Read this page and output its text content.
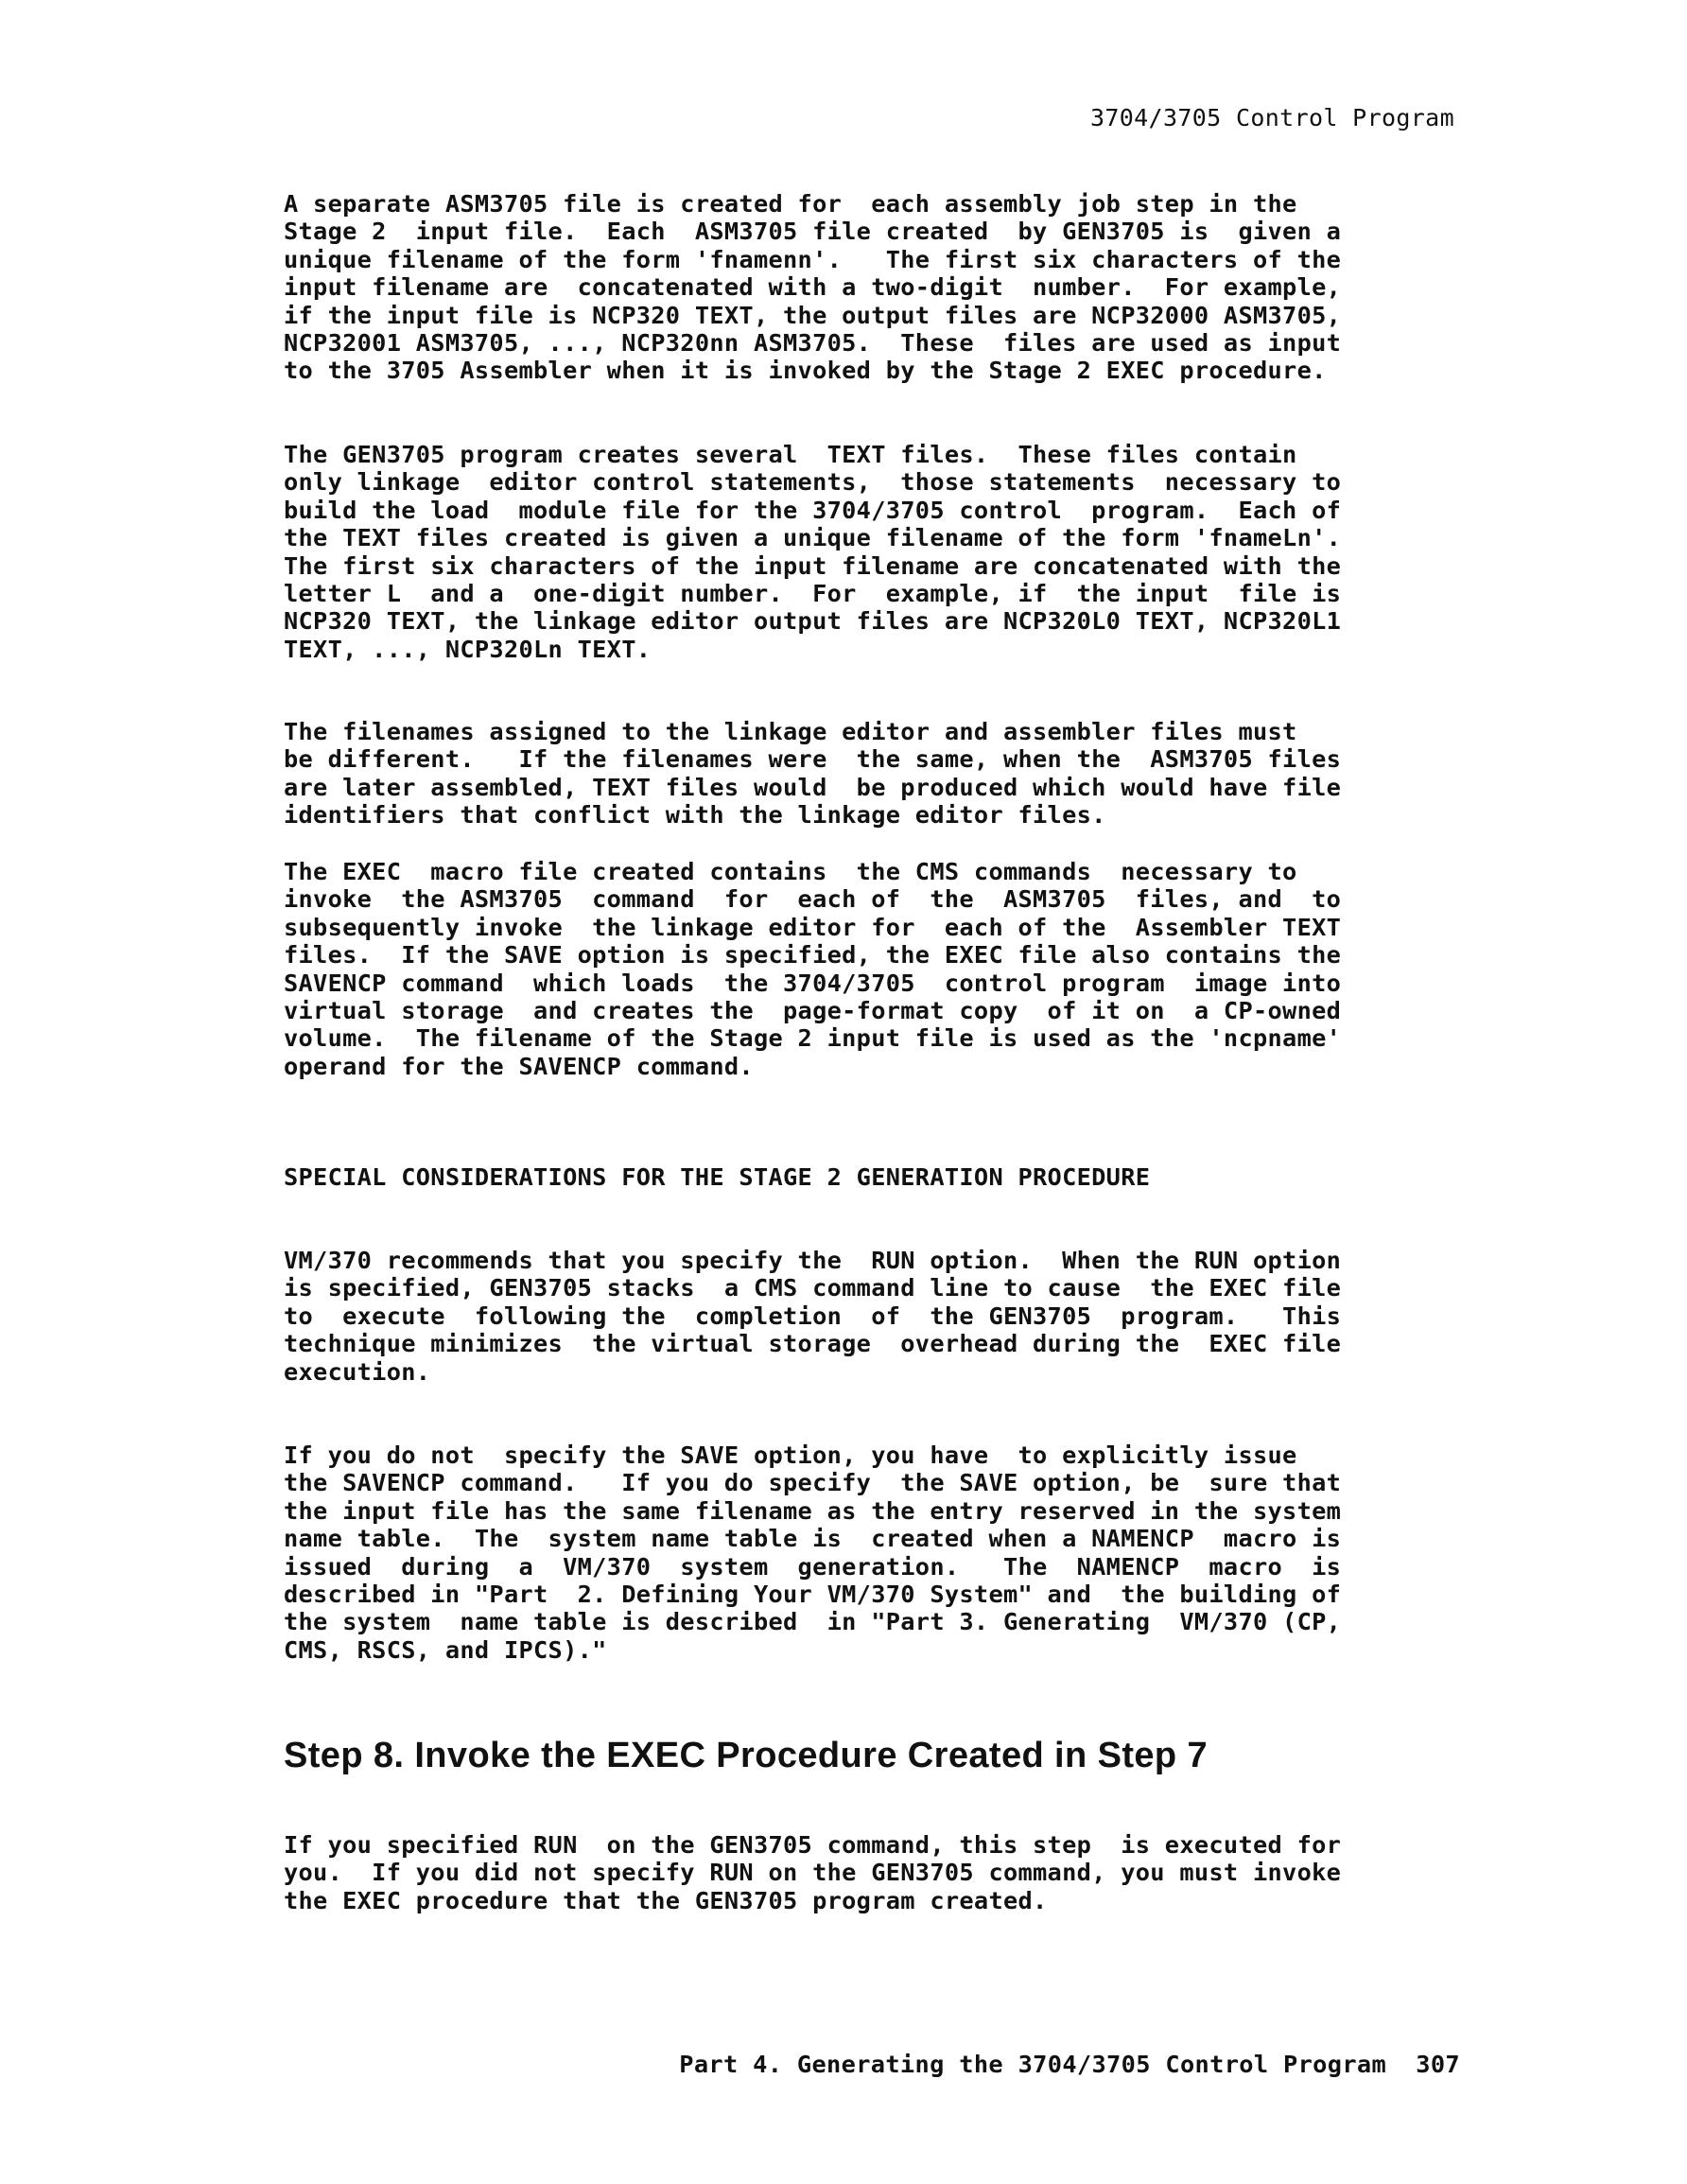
3704/3705 Control Program

A separate ASM3705 file is created for  each assembly job step in the
Stage 2  input file.  Each  ASM3705 file created  by GEN3705 is  given a
unique filename of the form 'fnamenn'.   The first six characters of the
input filename are  concatenated with a two-digit  number.  For example,
if the input file is NCP320 TEXT, the output files are NCP32000 ASM3705,
NCP32001 ASM3705, ..., NCP320nn ASM3705.  These  files are used as input
to the 3705 Assembler when it is invoked by the Stage 2 EXEC procedure.

The GEN3705 program creates several  TEXT files.  These files contain
only linkage  editor control statements,  those statements  necessary to
build the load  module file for the 3704/3705 control  program.  Each of
the TEXT files created is given a unique filename of the form 'fnameLn'.
The first six characters of the input filename are concatenated with the
letter L  and a  one-digit number.  For  example, if  the input  file is
NCP320 TEXT, the linkage editor output files are NCP320L0 TEXT, NCP320L1
TEXT, ..., NCP320Ln TEXT.

The filenames assigned to the linkage editor and assembler files must
be different.   If the filenames were  the same, when the  ASM3705 files
are later assembled, TEXT files would  be produced which would have file
identifiers that conflict with the linkage editor files.

The EXEC  macro file created contains  the CMS commands  necessary to
invoke  the ASM3705  command  for  each of  the  ASM3705  files, and  to
subsequently invoke  the linkage editor for  each of the  Assembler TEXT
files.  If the SAVE option is specified, the EXEC file also contains the
SAVENCP command  which loads  the 3704/3705  control program  image into
virtual storage  and creates the  page-format copy  of it on  a CP-owned
volume.  The filename of the Stage 2 input file is used as the 'ncpname'
operand for the SAVENCP command.

SPECIAL CONSIDERATIONS FOR THE STAGE 2 GENERATION PROCEDURE

VM/370 recommends that you specify the  RUN option.  When the RUN option
is specified, GEN3705 stacks  a CMS command line to cause  the EXEC file
to  execute  following the  completion  of  the GEN3705  program.   This
technique minimizes  the virtual storage  overhead during the  EXEC file
execution.

If you do not  specify the SAVE option, you have  to explicitly issue
the SAVENCP command.   If you do specify  the SAVE option, be  sure that
the input file has the same filename as the entry reserved in the system
name table.  The  system name table is  created when a NAMENCP  macro is
issued  during  a  VM/370  system  generation.   The  NAMENCP  macro  is
described in "Part  2. Defining Your VM/370 System" and  the building of
the system  name table is described  in "Part 3. Generating  VM/370 (CP,
CMS, RSCS, and IPCS)."

Step 8. Invoke the EXEC Procedure Created in Step 7

If you specified RUN  on the GEN3705 command, this step  is executed for
you.  If you did not specify RUN on the GEN3705 command, you must invoke
the EXEC procedure that the GEN3705 program created.

Part 4. Generating the 3704/3705 Control Program 307
